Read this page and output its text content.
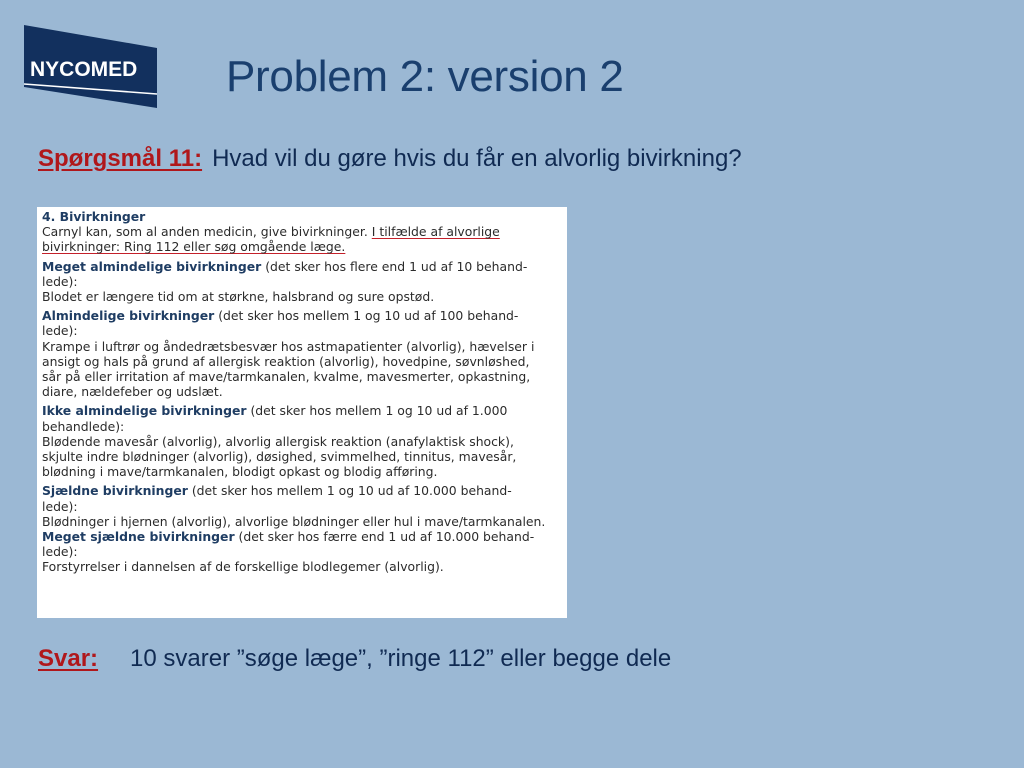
NYCOMED Problem 2: version 2
Spørgsmål 11: Hvad vil du gøre hvis du får en alvorlig bivirkning?

4. Bivirkninger

Carnyl kan, som al anden medicin, give bivirkninger. I tilfælde af alvorlige

bivirkninger: Ring 112 eller søg omgående læge.

Meget almindelige bivirkninger (det sker hos flere end 1 ud af 10 behand-

lede):

Blodet er længere tid om at størkne, halsbrand og sure opstød.

Almindelige bivirkninger (det sker hos mellem 1 og 10 ud af 100 behand-

lede):

Krampe i luftrør og åndedrætsbesvær hos astmapatienter (alvorlig), hævelser i

ansigt og hals på grund af allergisk reaktion (alvorlig), hovedpine, søvnløshed,

sår på eller irritation af mave/tarmkanalen, kvalme, mavesmerter, opkastning,

diare, nældefeber og udslæt.

Ikke almindelige bivirkninger (det sker hos mellem 1 og 10 ud af 1.000

behandlede):

Blødende mavesår (alvorlig), alvorlig allergisk reaktion (anafylaktisk shock),

skjulte indre blødninger (alvorlig), døsighed, svimmelhed, tinnitus, mavesår,

blødning i mave/tarmkanalen, blodigt opkast og blodig afføring.

Sjældne bivirkninger (det sker hos mellem 1 og 10 ud af 10.000 behand-

lede):

Blødninger i hjernen (alvorlig), alvorlige blødninger eller hul i mave/tarmkanalen.

Meget sjældne bivirkninger (det sker hos færre end 1 ud af 10.000 behand-

lede):

Forstyrrelser i dannelsen af de forskellige blodlegemer (alvorlig).

Svar: 10 svarer ”søge læge”, ”ringe 112” eller begge dele
